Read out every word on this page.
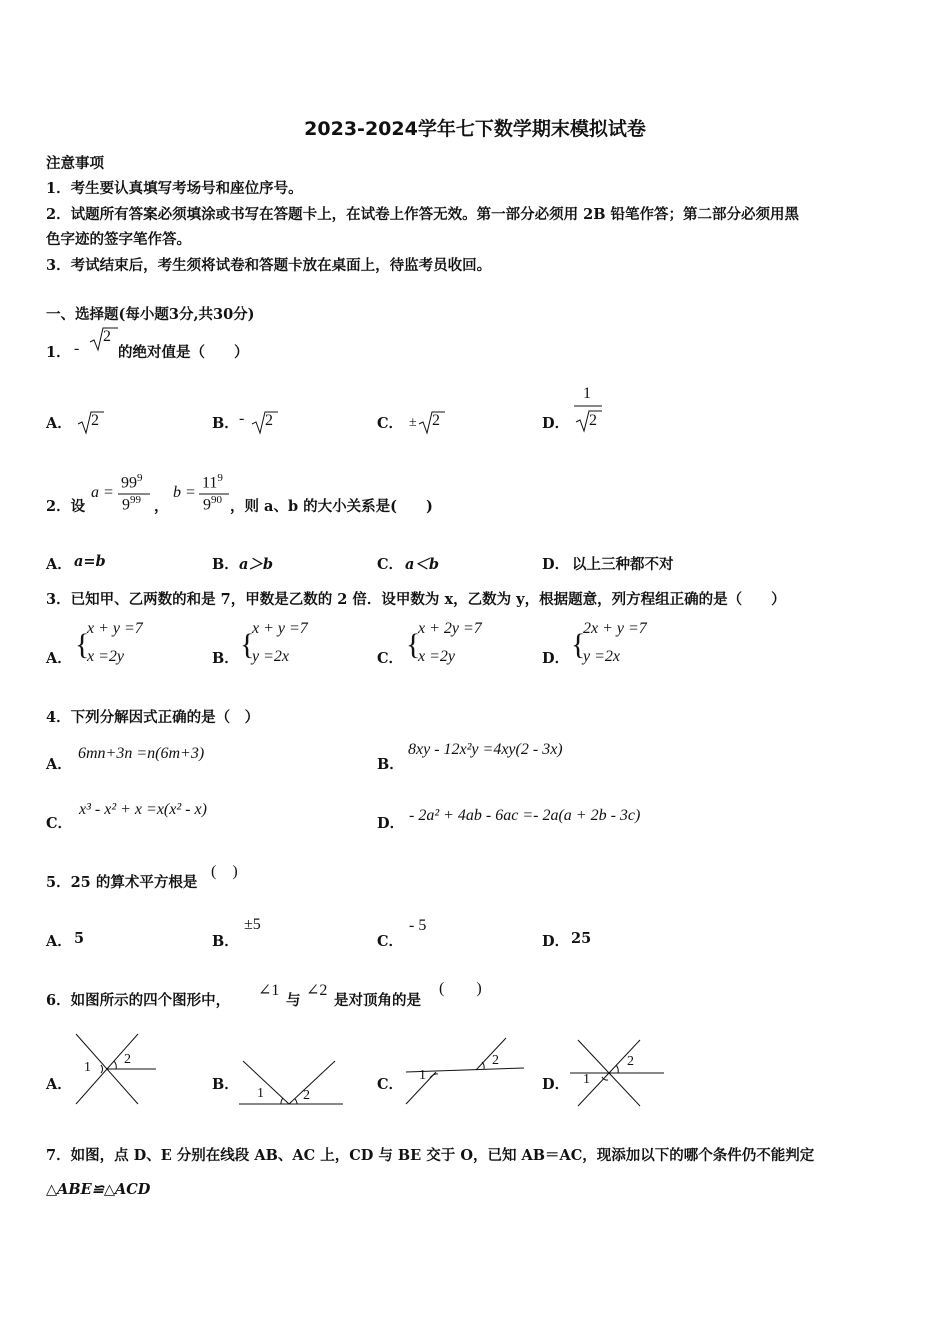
2023-2024学年七下数学期末模拟试卷
注意事项
1．考生要认真填写考场号和座位序号。
2．试题所有答案必须填涂或书写在答题卡上，在试卷上作答无效。第一部分必须用 2B 铅笔作答；第二部分必须用黑
色字迹的签字笔作答。
3．考试结束后，考生须将试卷和答题卡放在桌面上，待监考员收回。
一、选择题(每小题3分,共30分)
1． -
2
的绝对值是（　　）
A． 2	B． - 2	C． ± 2	D．
1
2
2．设
a =
$99^9$
$9^{99}$ ，
b =
$11^9$
$9^{90}$ ，则 a、b 的大小关系是(　　)
A． a=b	B． a＞b	C． a＜b	D． 以上三种都不对
3．已知甲、乙两数的和是 7，甲数是乙数的 2 倍．设甲数为 x，乙数为 y，根据题意，列方程组正确的是（　　）
A． {
x + y =7
x =2y	B． {
x + y =7
y =2x	C． {
x + 2y =7
x =2y	D． {
2x + y =7
y =2x
4．下列分解因式正确的是（　）
A．
6mn+3n =n(6m+3)
B．
8xy - 12x²y =4xy(2 - 3x)
C．
x³ - x² + x =x(x² - x)
D． - 2a² + 4ab - 6ac =- 2a(a + 2b - 3c)
5．25 的算术平方根是
(　)
A． 5	B．
±5
C．
- 5
D． 25
6．如图所示的四个图形中，
∠1
与
∠2
是对顶角的是
(　　)
A．
1
2
B．
1	2
C．
1
2
D． 1
2
7．如图，点 D、E 分别在线段 AB、AC 上，CD 与 BE 交于 O，已知 AB＝AC，现添加以下的哪个条件仍不能判定
△ABE≌△ACD
